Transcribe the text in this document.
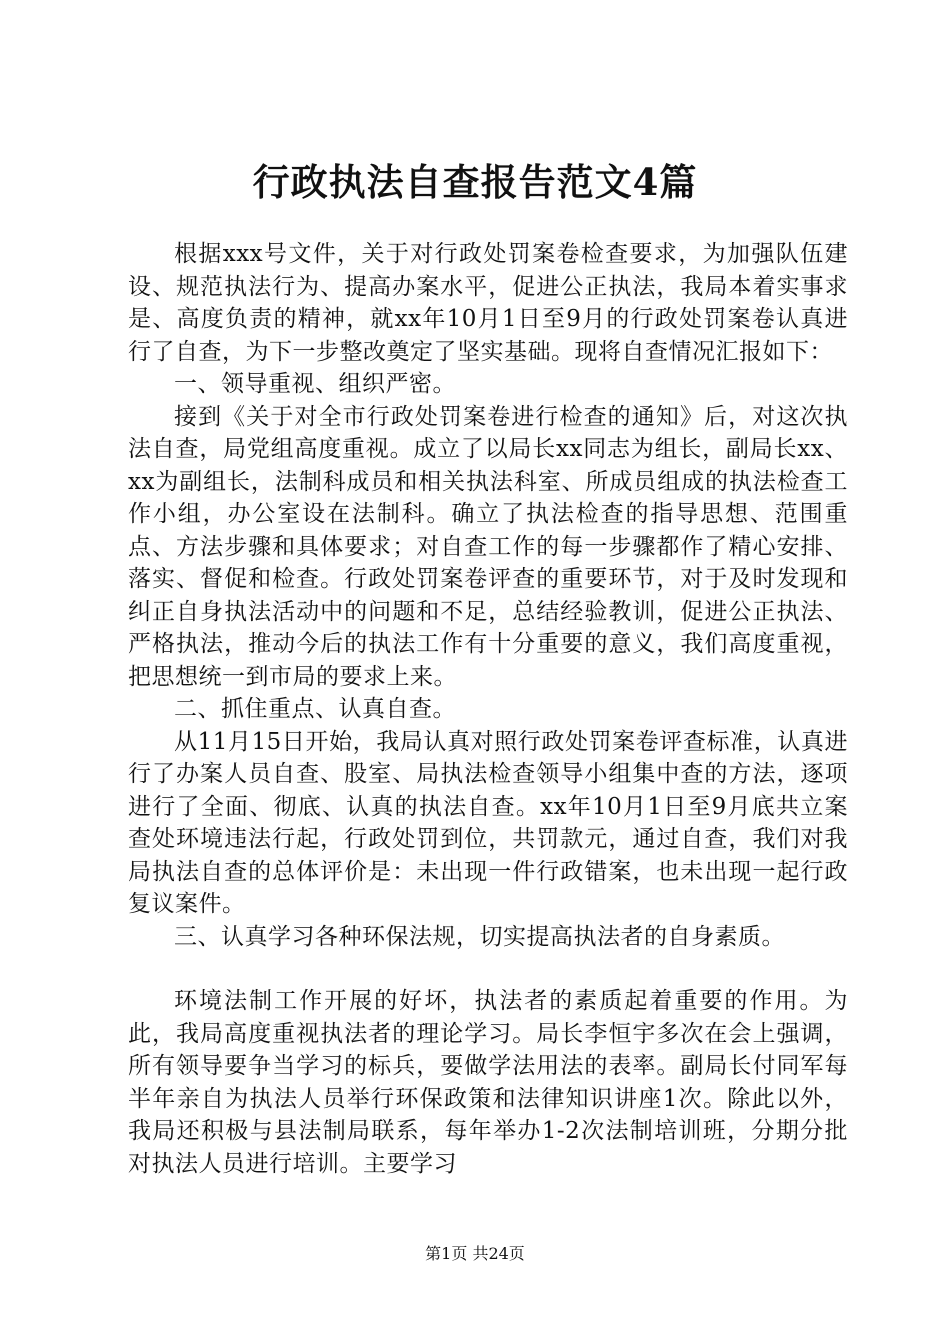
行政执法自查报告范文4篇

根据xxx号文件，关于对行政处罚案卷检查要求，为加强队伍建设、规范执法行为、提高办案水平，促进公正执法，我局本着实事求是、高度负责的精神，就xx年10月1日至9月的行政处罚案卷认真进行了自查，为下一步整改奠定了坚实基础。现将自查情况汇报如下：

一、领导重视、组织严密。

接到《关于对全市行政处罚案卷进行检查的通知》后，对这次执法自查，局党组高度重视。成立了以局长xx同志为组长，副局长xx、xx为副组长，法制科成员和相关执法科室、所成员组成的执法检查工作小组，办公室设在法制科。确立了执法检查的指导思想、范围重点、方法步骤和具体要求；对自查工作的每一步骤都作了精心安排、落实、督促和检查。行政处罚案卷评查的重要环节，对于及时发现和纠正自身执法活动中的问题和不足，总结经验教训，促进公正执法、严格执法，推动今后的执法工作有十分重要的意义，我们高度重视，把思想统一到市局的要求上来。

二、抓住重点、认真自查。

从11月15日开始，我局认真对照行政处罚案卷评查标准，认真进行了办案人员自查、股室、局执法检查领导小组集中查的方法，逐项进行了全面、彻底、认真的执法自查。xx年10月1日至9月底共立案查处环境违法行起，行政处罚到位，共罚款元，通过自查，我们对我局执法自查的总体评价是：未出现一件行政错案，也未出现一起行政复议案件。

三、认真学习各种环保法规，切实提高执法者的自身素质。

环境法制工作开展的好坏，执法者的素质起着重要的作用。为此，我局高度重视执法者的理论学习。局长李恒宇多次在会上强调，所有领导要争当学习的标兵，要做学法用法的表率。副局长付同军每半年亲自为执法人员举行环保政策和法律知识讲座1次。除此以外，我局还积极与县法制局联系，每年举办1-2次法制培训班，分期分批对执法人员进行培训。主要学习

第1页 共24页
